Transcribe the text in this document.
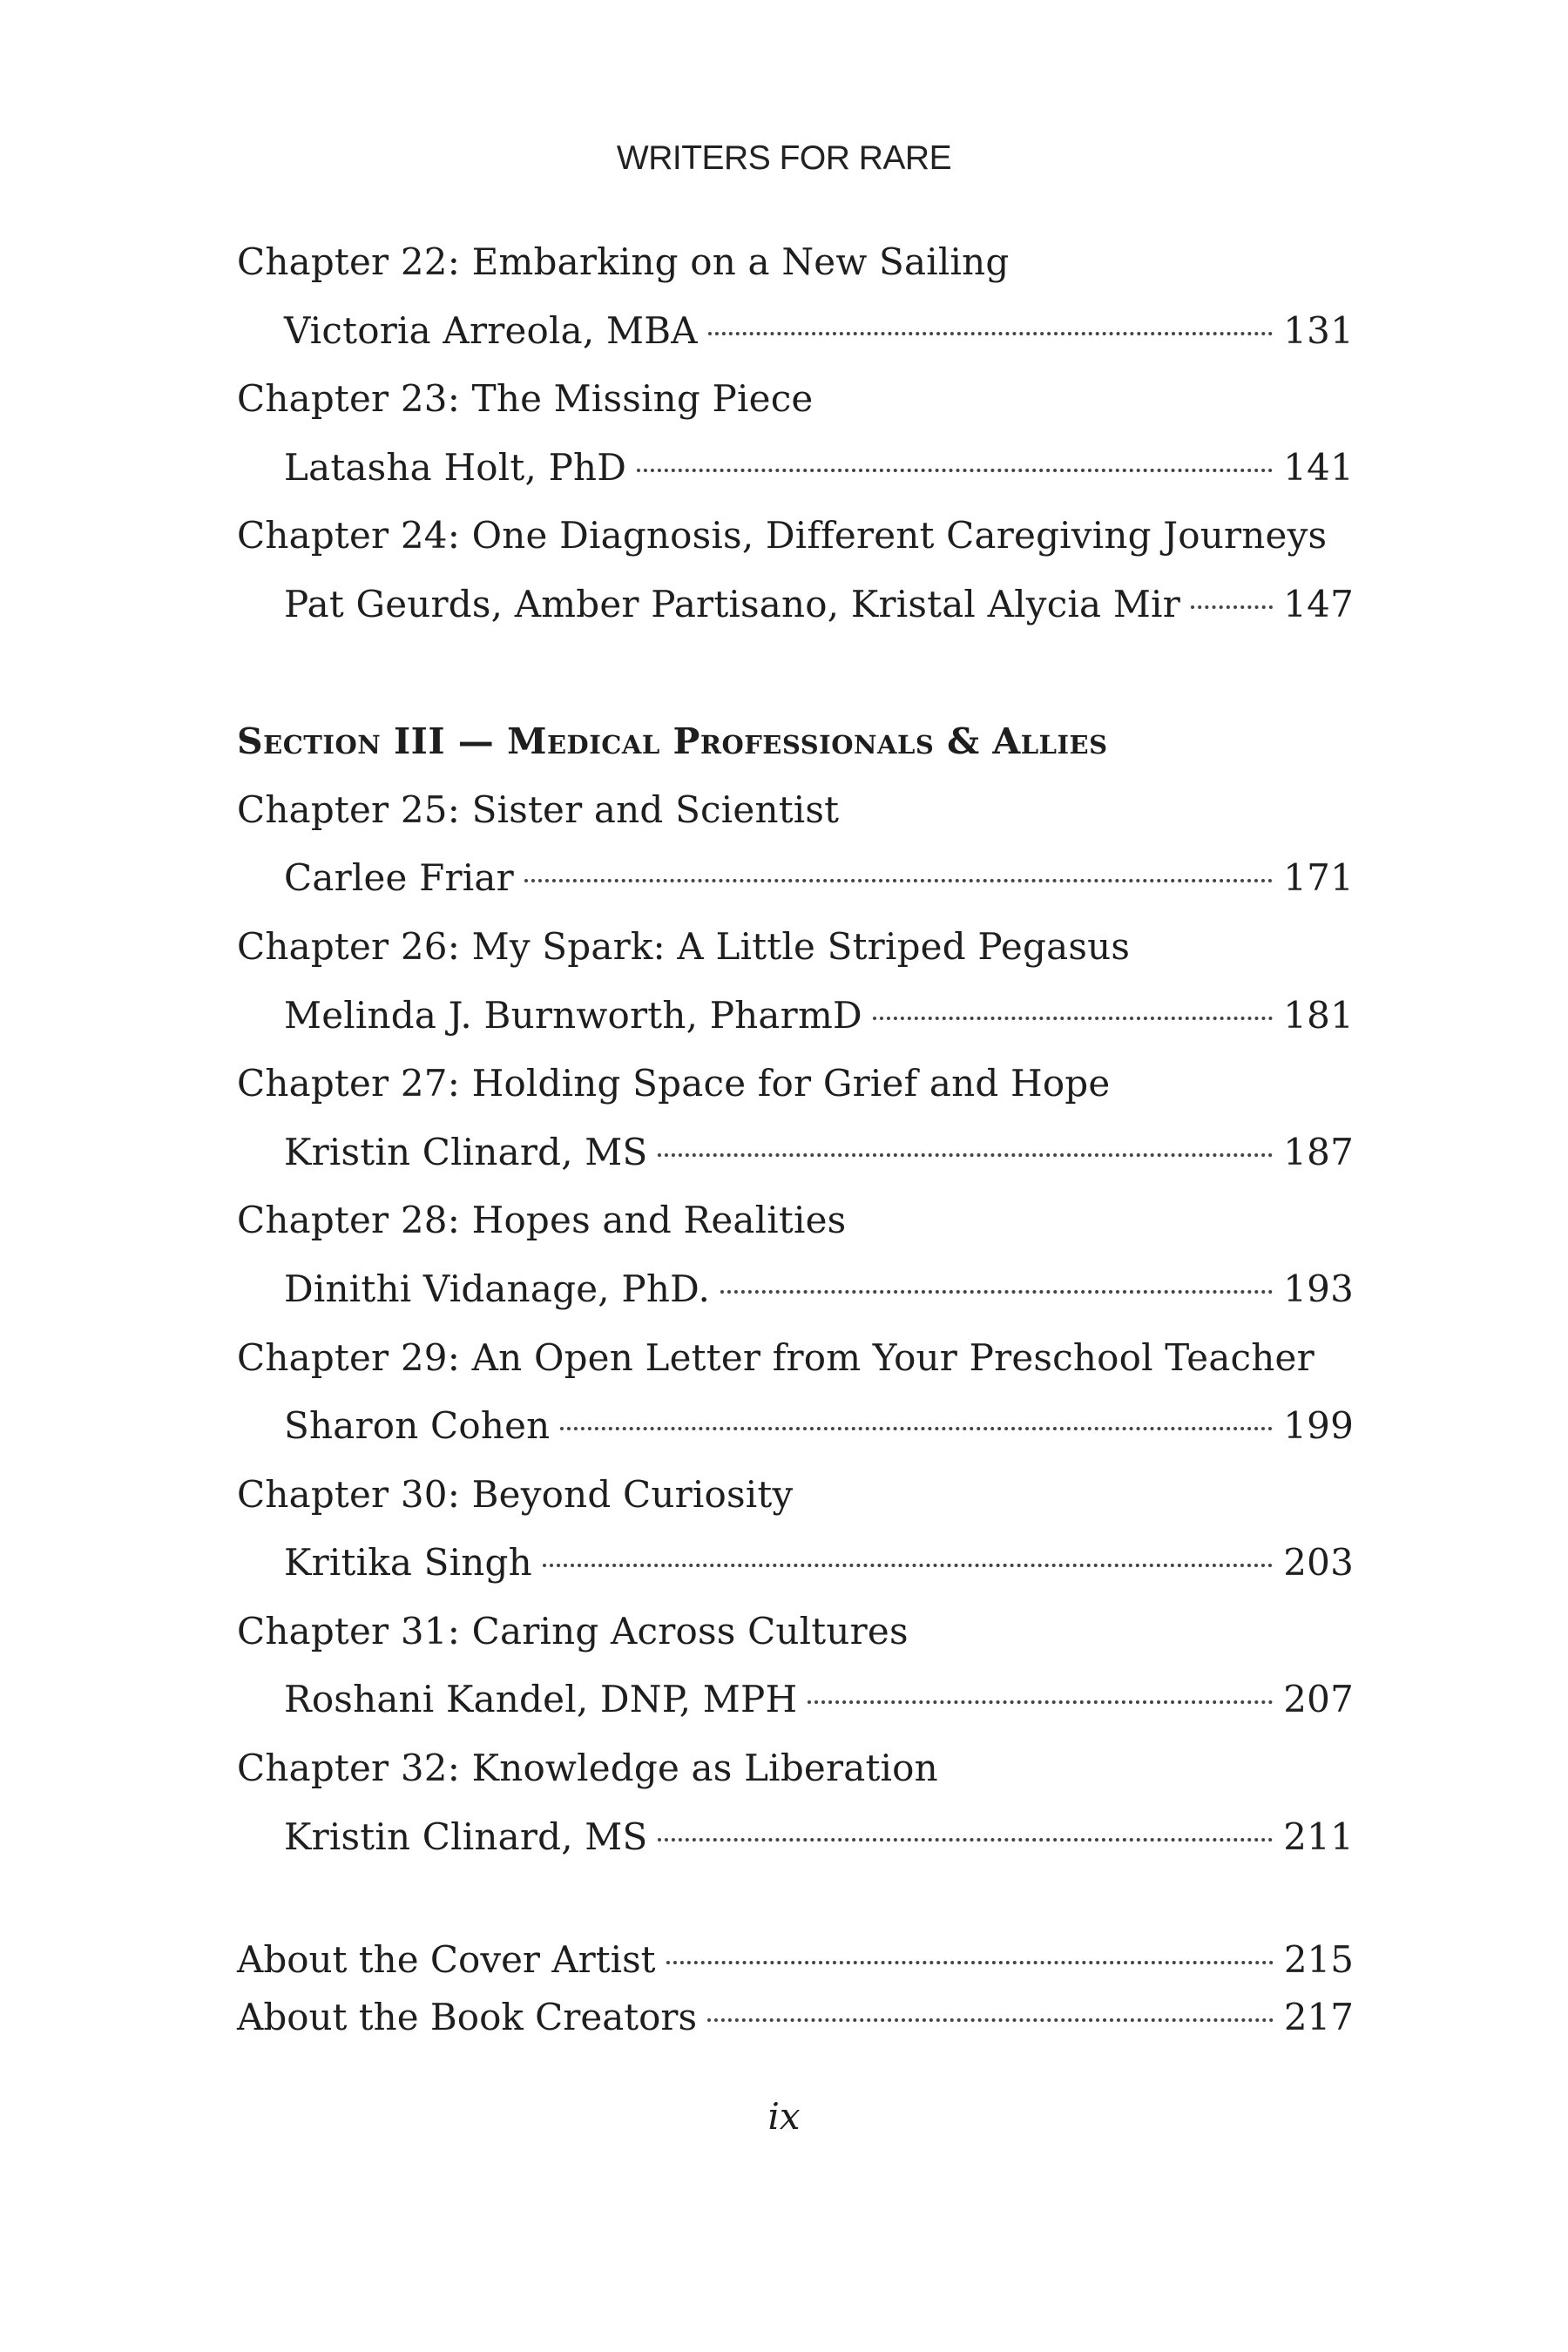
WRITERS FOR RARE
Chapter 22: Embarking on a New Sailing
Victoria Arreola, MBA	131
Chapter 23: The Missing Piece
Latasha Holt, PhD	141
Chapter 24: One Diagnosis, Different Caregiving Journeys
Pat Geurds, Amber Partisano, Kristal Alycia Mir	147
Section III — Medical Professionals & Allies
Chapter 25: Sister and Scientist
Carlee Friar	171
Chapter 26: My Spark: A Little Striped Pegasus
Melinda J. Burnworth, PharmD	181
Chapter 27: Holding Space for Grief and Hope
Kristin Clinard, MS	187
Chapter 28: Hopes and Realities
Dinithi Vidanage, PhD.	193
Chapter 29: An Open Letter from Your Preschool Teacher
Sharon Cohen	199
Chapter 30: Beyond Curiosity
Kritika Singh	203
Chapter 31: Caring Across Cultures
Roshani Kandel, DNP, MPH	207
Chapter 32: Knowledge as Liberation
Kristin Clinard, MS	211
About the Cover Artist	215
About the Book Creators	217
ix
